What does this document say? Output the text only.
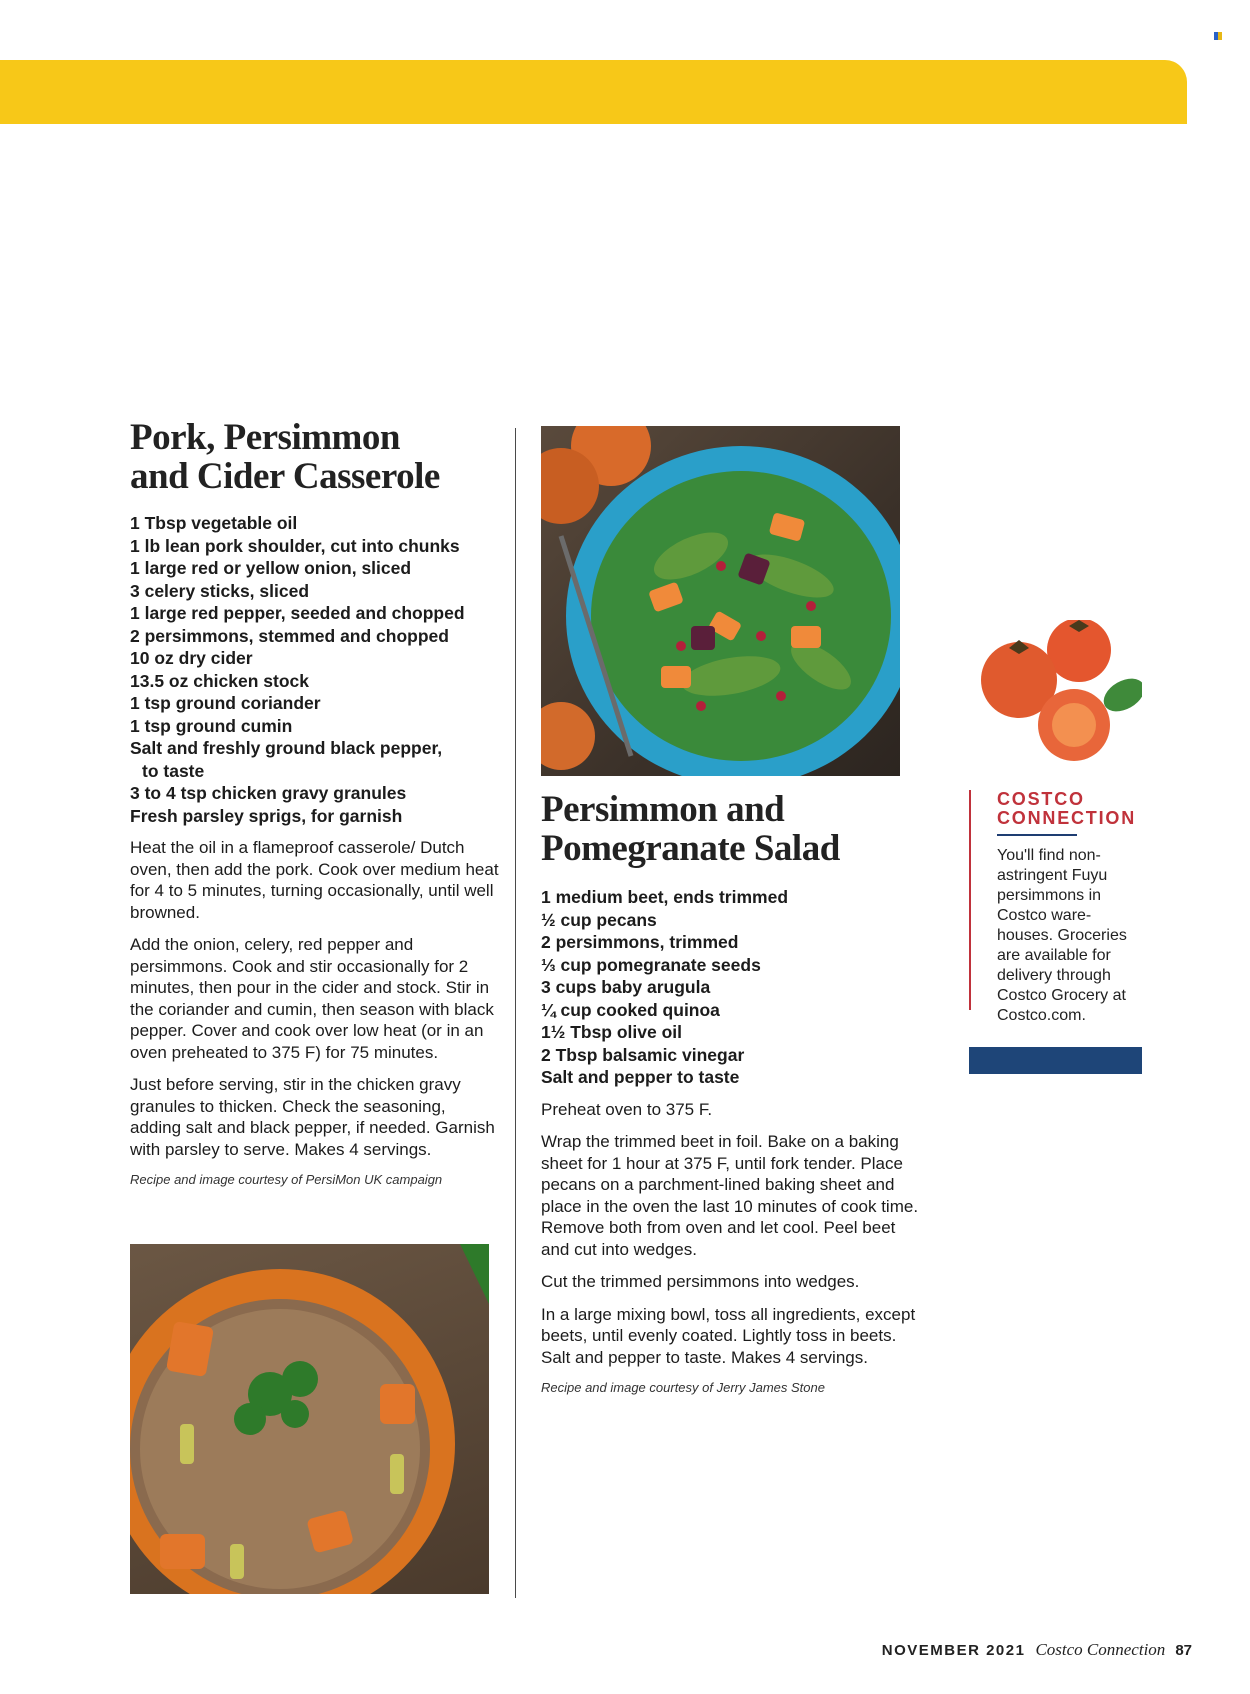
Pork, Persimmon
and Cider Casserole
1 Tbsp vegetable oil
1 lb lean pork shoulder, cut into chunks
1 large red or yellow onion, sliced
3 celery sticks, sliced
1 large red pepper, seeded and chopped
2 persimmons, stemmed and chopped
10 oz dry cider
13.5 oz chicken stock
1 tsp ground coriander
1 tsp ground cumin
Salt and freshly ground black pepper,
to taste
3 to 4 tsp chicken gravy granules
Fresh parsley sprigs, for garnish

Heat the oil in a flameproof casserole/ Dutch oven, then add the pork. Cook over medium heat for 4 to 5 minutes, turning occasionally, until well browned.

Add the onion, celery, red pepper and persimmons. Cook and stir occasionally for 2 minutes, then pour in the cider and stock. Stir in the coriander and cumin, then season with black pepper. Cover and cook over low heat (or in an oven preheated to 375 F) for 75 minutes.

Just before serving, stir in the chicken gravy granules to thicken. Check the seasoning, adding salt and black pepper, if needed. Garnish with parsley to serve. Makes 4 servings.

Recipe and image courtesy of PersiMon UK campaign

Persimmon and
Pomegranate Salad
1 medium beet, ends trimmed
½ cup pecans
2 persimmons, trimmed
⅓ cup pomegranate seeds
3 cups baby arugula
¼ cup cooked quinoa
1½ Tbsp olive oil
2 Tbsp balsamic vinegar
Salt and pepper to taste

Preheat oven to 375 F.

Wrap the trimmed beet in foil. Bake on a baking sheet for 1 hour at 375 F, until fork tender. Place pecans on a parchment-lined baking sheet and place in the oven the last 10 minutes of cook time. Remove both from oven and let cool. Peel beet and cut into wedges.

Cut the trimmed persimmons into wedges.

In a large mixing bowl, toss all ingredients, except beets, until evenly coated. Lightly toss in beets. Salt and pepper to taste. Makes 4 servings.

Recipe and image courtesy of Jerry James Stone

COSTCO
CONNECTION

You'll find non-astringent Fuyu persimmons in Costco ware-houses. Groceries are available for delivery through Costco Grocery at Costco.com.

NOVEMBER 2021 Costco Connection 87
